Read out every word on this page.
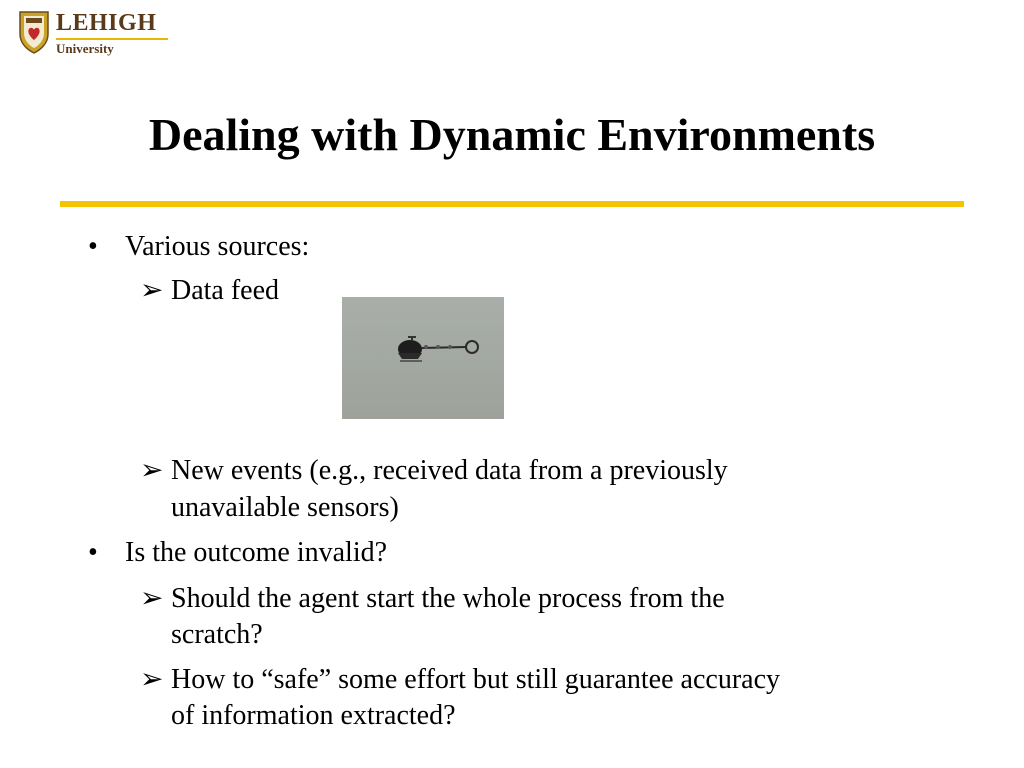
LEHIGH
University
Dealing with Dynamic Environments
• Various sources:
➢ Data feed
➢ New events (e.g., received data from a previously
unavailable sensors)
• Is the outcome invalid?
➢ Should the agent start the whole process from the
scratch?
➢ How to “safe” some effort but still guarantee accuracy
of information extracted?
